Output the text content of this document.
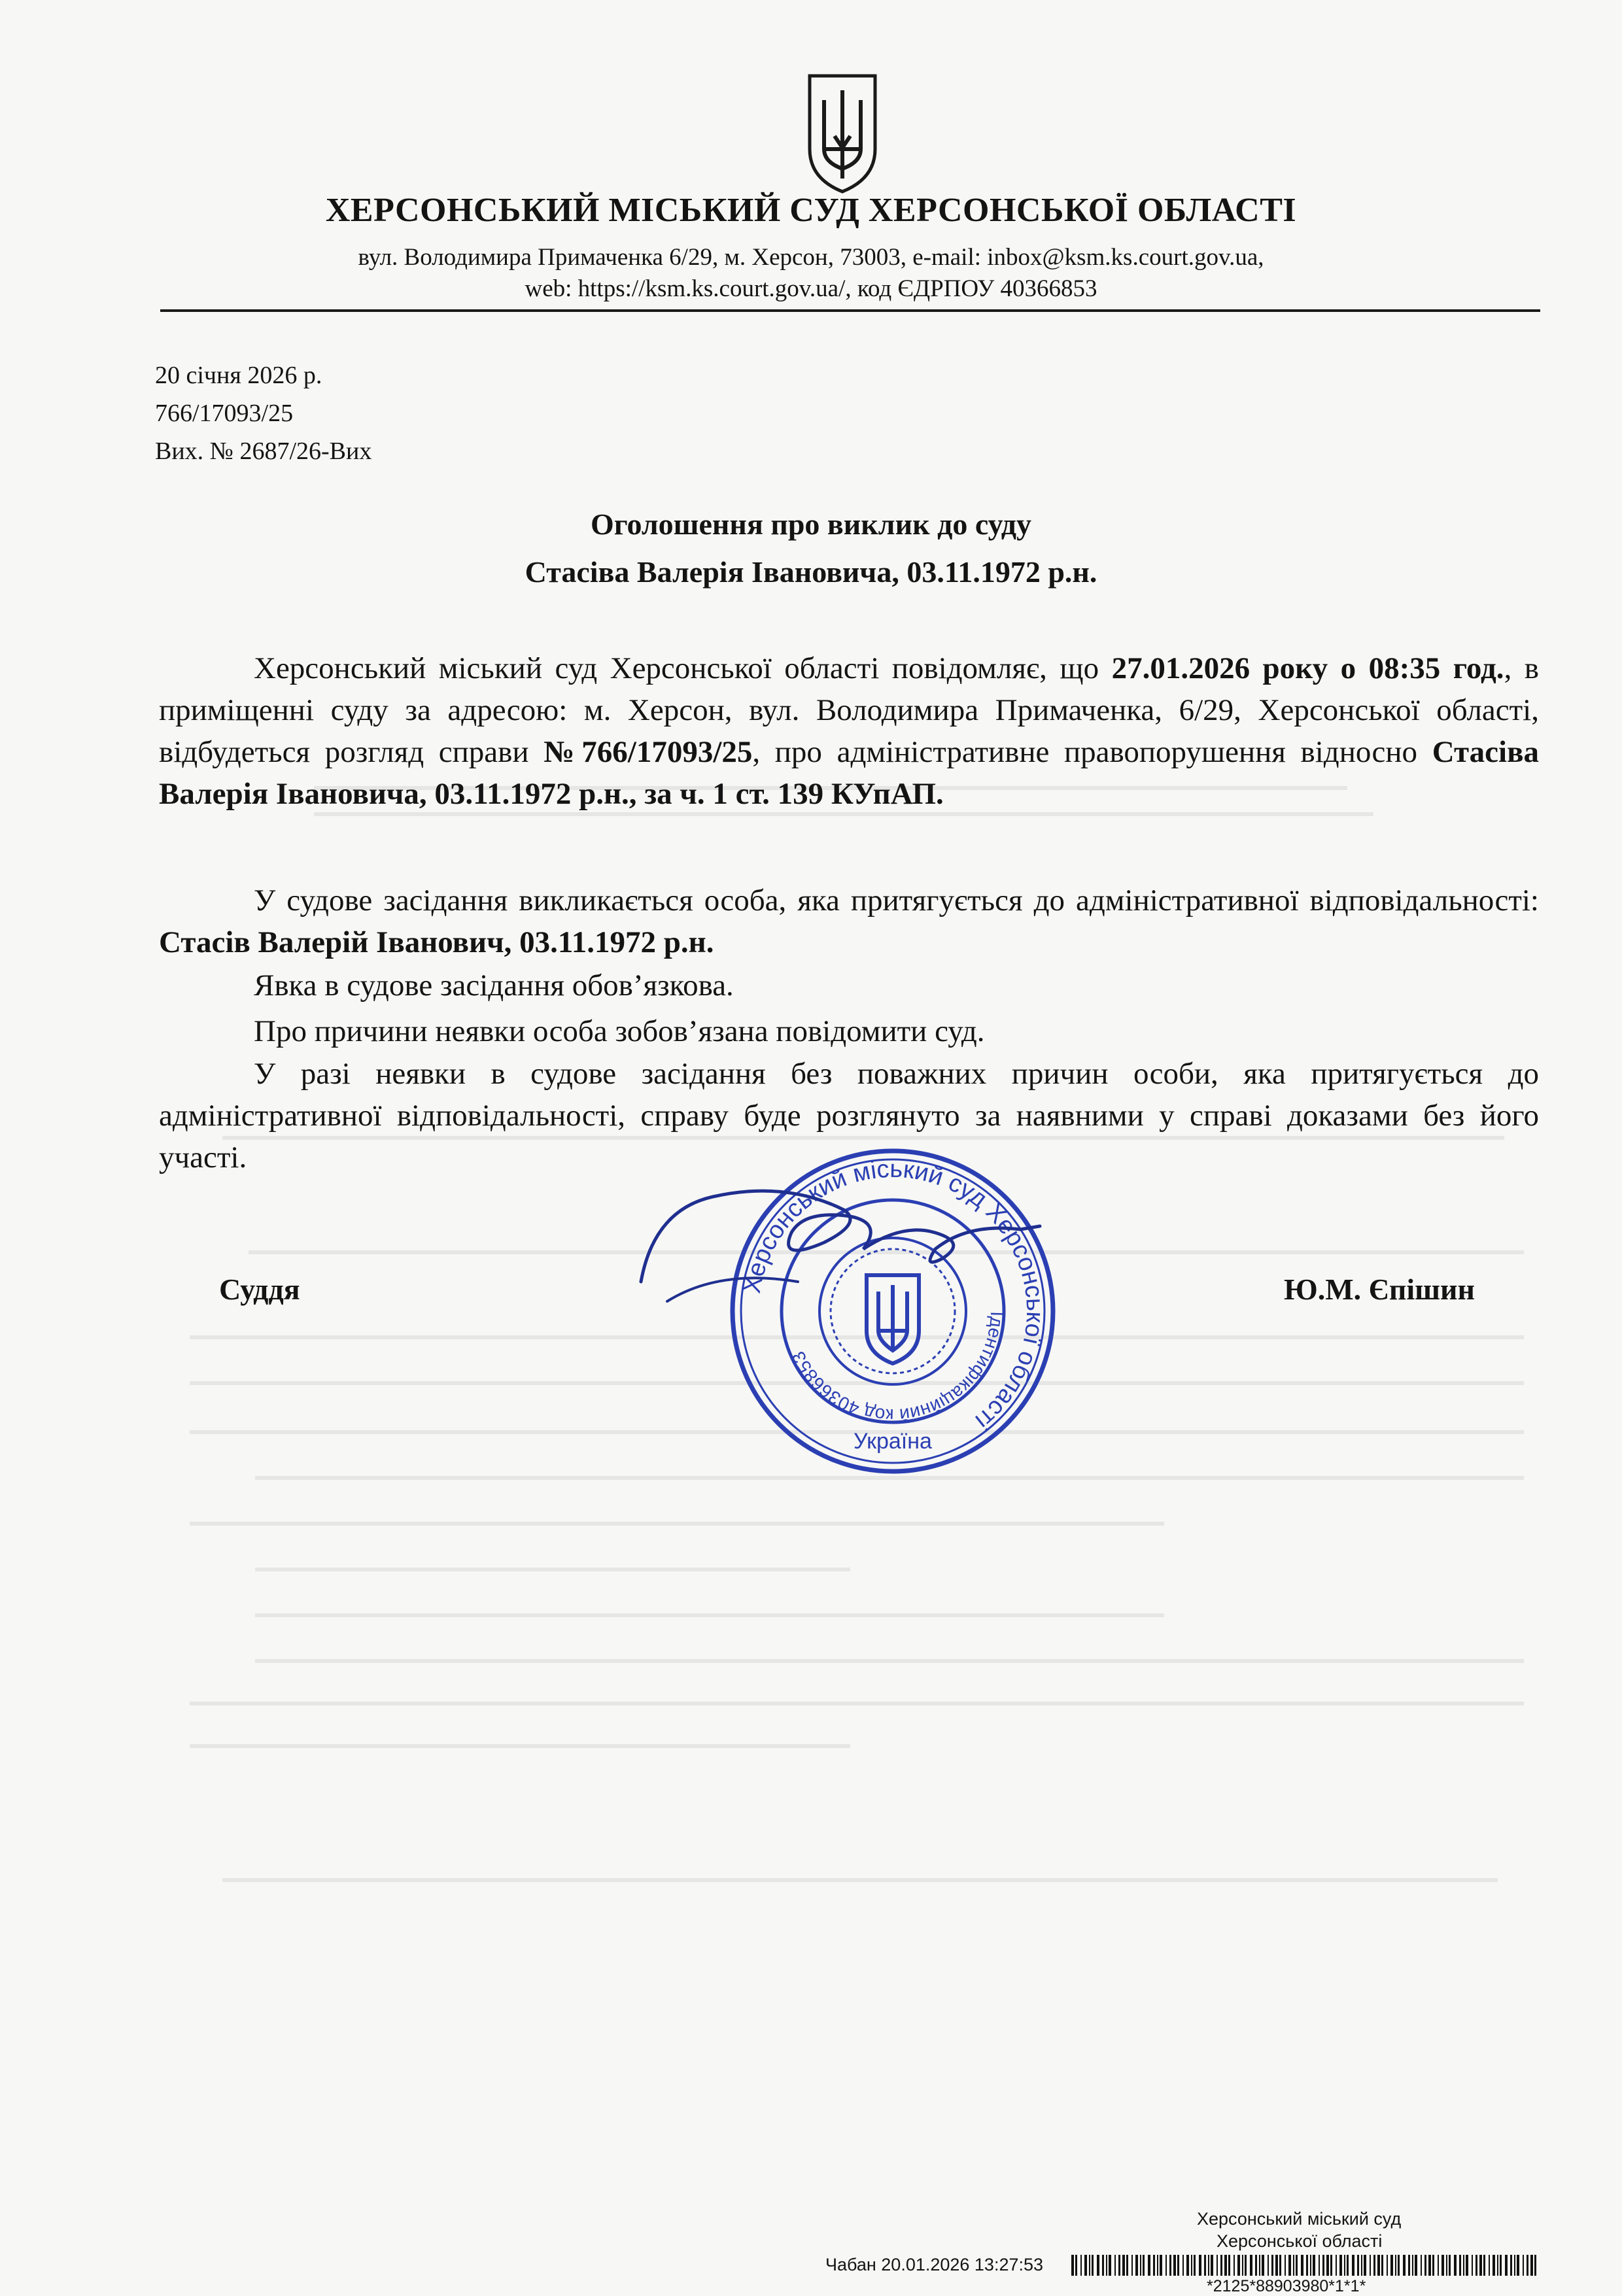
ХЕРСОНСЬКИЙ МІСЬКИЙ СУД ХЕРСОНСЬКОЇ ОБЛАСТІ
вул. Володимира Примаченка 6/29, м. Херсон, 73003, e-mail: inbox@ksm.ks.court.gov.ua,
web: https://ksm.ks.court.gov.ua/, код ЄДРПОУ 40366853
20 січня 2026 р.
766/17093/25
Вих. № 2687/26-Вих
Оголошення про виклик до суду
Стасіва Валерія Івановича, 03.11.1972 р.н.

Херсонський міський суд Херсонської області повідомляє, що 27.01.2026 року о 08:35 год., в приміщенні суду за адресою: м. Херсон, вул. Володимира Примаченка, 6/29, Херсонської області, відбудеться розгляд справи №766/17093/25, про адміністративне правопорушення відносно Стасіва Валерія Івановича, 03.11.1972 р.н., за ч. 1 ст. 139 КУпАП.

У судове засідання викликається особа, яка притягується до адміністративної відповідальності: Стасів Валерій Іванович, 03.11.1972 р.н.

Явка в судове засідання обов’язкова.

Про причини неявки особа зобов’язана повідомити суд.

У разі неявки в судове засідання без поважних причин особи, яка притягується до адміністративної відповідальності, справу буде розглянуто за наявними у справі доказами без його участі.

Суддя	Ю.М. Єпішин
Херсонський міський суд Херсонської області
Ідентифікаційний код 40366853
Україна
Херсонський міський суд
Херсонської області
Чабан 20.01.2026 13:27:53
*2125*88903980*1*1*
